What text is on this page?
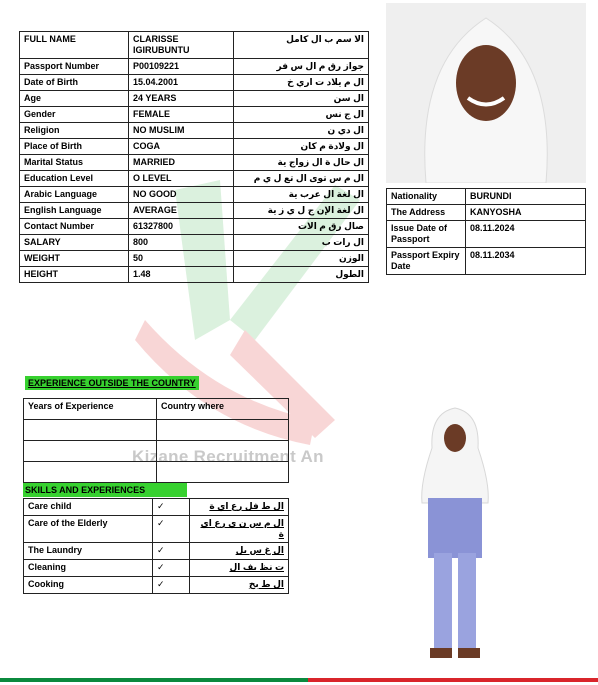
Kizane Recruitment An
FULL NAME	CLARISSE IGIRUBUNTU	الا سم ب ال كامل
Passport Number	P00109221	جواز رق م ال س فر
Date of Birth	15.04.2001	ال م يلاد ت اري خ
Age	24 YEARS	ال سن
Gender	FEMALE	ال ج نس
Religion	NO MUSLIM	ال دي ن
Place of Birth	COGA	ال ولادة م كان
Marital Status	MARRIED	ال حال ة ال زواج ية
Education Level	O LEVEL	ال م س توى ال تع ل ي م
Arabic Language	NO GOOD	ال لغة ال عرب ية
English Language	AVERAGE	ال لغة الإن ج ل ي ز ية
Contact Number	61327800	صال رق م الات
SALARY	800	ال رات ب
WEIGHT	50	الوزن
HEIGHT	1.48	الطول
Nationality	BURUNDI
The Address	KANYOSHA
Issue Date of Passport	08.11.2024
Passport Expiry Date	08.11.2034
EXPERIENCE OUTSIDE THE COUNTRY
Years of Experience	Country where

SKILLS AND EXPERIENCES
Care child	✓	ال ط فل رع اي ة
Care of the Elderly	✓	ال م س ن ي رع اي ة
The Laundry	✓	ال غ س يل
Cleaning	✓	ت نظ يف ال
Cooking	✓	ال ط بخ
